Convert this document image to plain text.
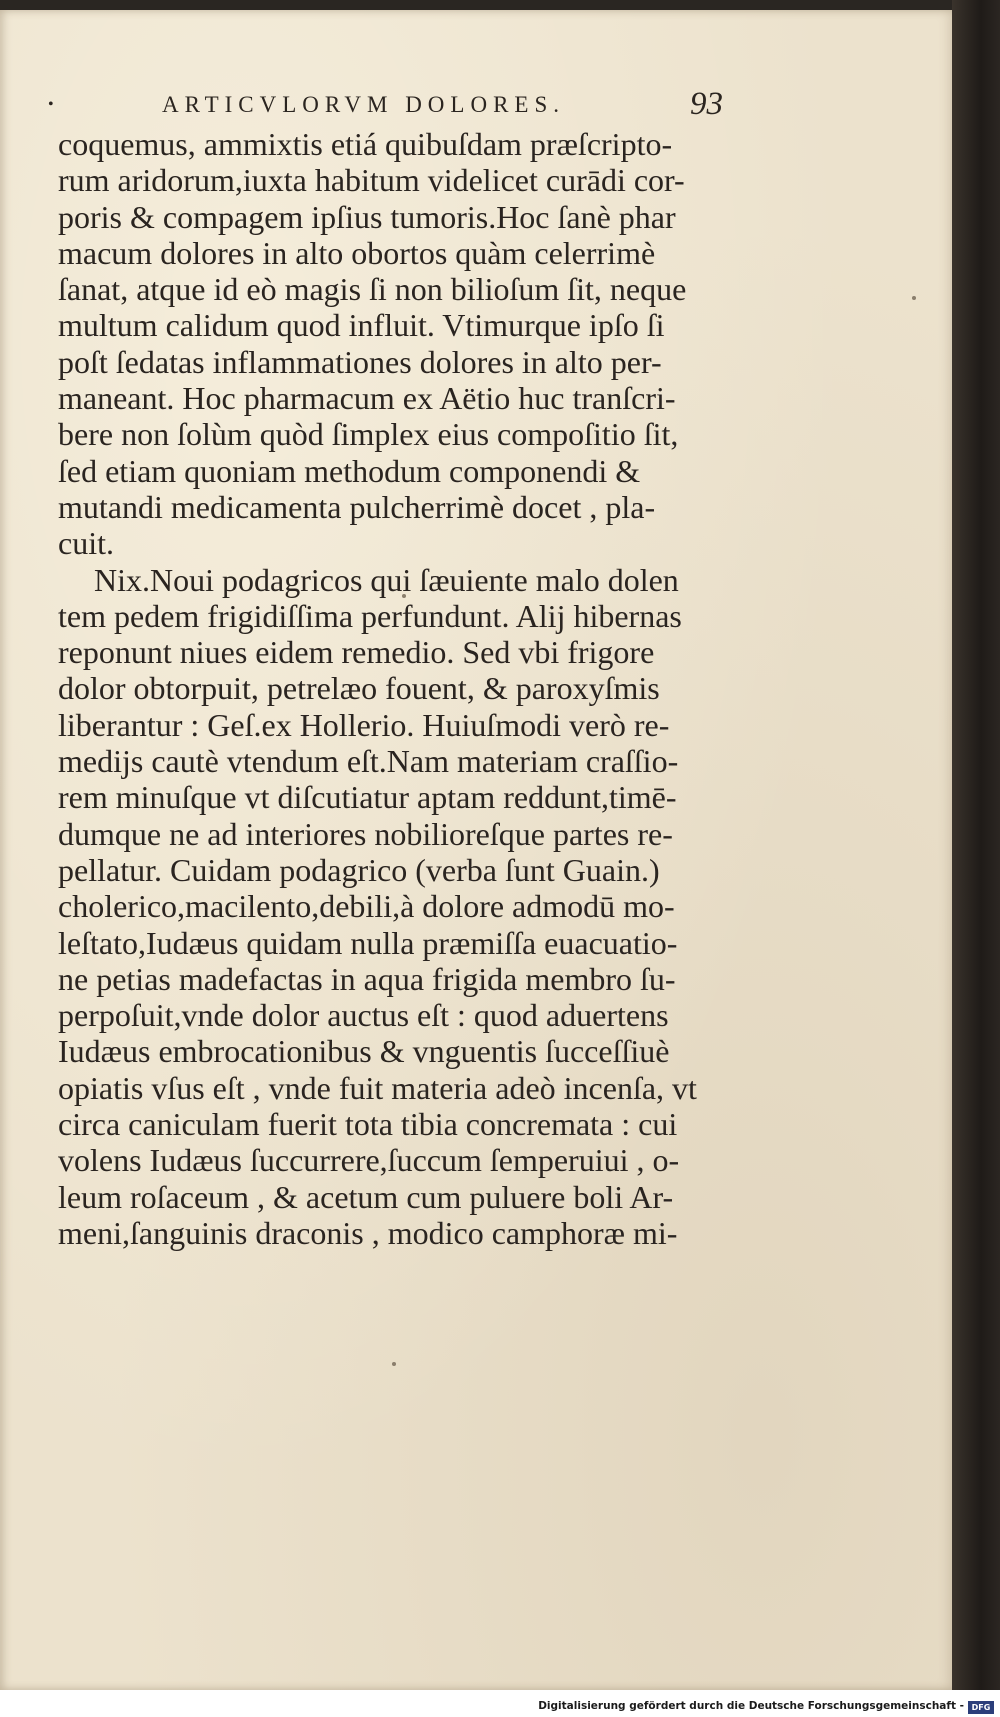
•	ARTICVLORVM DOLORES.	93
coquemus, ammixtis etiá quibuſdam præſcripto-
rum aridorum,iuxta habitum videlicet curādi cor-
poris & compagem ipſius tumoris.Hoc ſanè phar
macum dolores in alto obortos quàm celerrimè
ſanat, atque id eò magis ſi non bilioſum ſit, neque
multum calidum quod influit. Vtimurque ipſo ſi
poſt ſedatas inflammationes dolores in alto per-
maneant. Hoc pharmacum ex Aëtio huc tranſcri-
bere non ſolùm quòd ſimplex eius compoſitio ſit,
ſed etiam quoniam methodum componendi &
mutandi medicamenta pulcherrimè docet , pla-
cuit.
Nix.Noui podagricos qui ſæuiente malo dolen
tem pedem frigidiſſima perfundunt. Alij hibernas
reponunt niues eidem remedio. Sed vbi frigore
dolor obtorpuit, petrelæo fouent, & paroxyſmis
liberantur : Geſ.ex Hollerio. Huiuſmodi verò re-
medijs cautè vtendum eſt.Nam materiam craſſio-
rem minuſque vt diſcutiatur aptam reddunt,timē-
dumque ne ad interiores nobilioreſque partes re-
pellatur. Cuidam podagrico (verba ſunt Guain.)
cholerico,macilento,debili,à dolore admodū mo-
leſtato,Iudæus quidam nulla præmiſſa euacuatio-
ne petias madefactas in aqua frigida membro ſu-
perpoſuit,vnde dolor auctus eſt : quod aduertens
Iudæus embrocationibus & vnguentis ſucceſſiuè
opiatis vſus eſt , vnde fuit materia adeò incenſa, vt
circa caniculam fuerit tota tibia concremata : cui
volens Iudæus ſuccurrere,ſuccum ſemperuiui , o-
leum roſaceum , & acetum cum puluere boli Ar-
meni,ſanguinis draconis , modico camphoræ mi-
Digitalisierung gefördert durch die Deutsche Forschungsgemeinschaft - DFG
